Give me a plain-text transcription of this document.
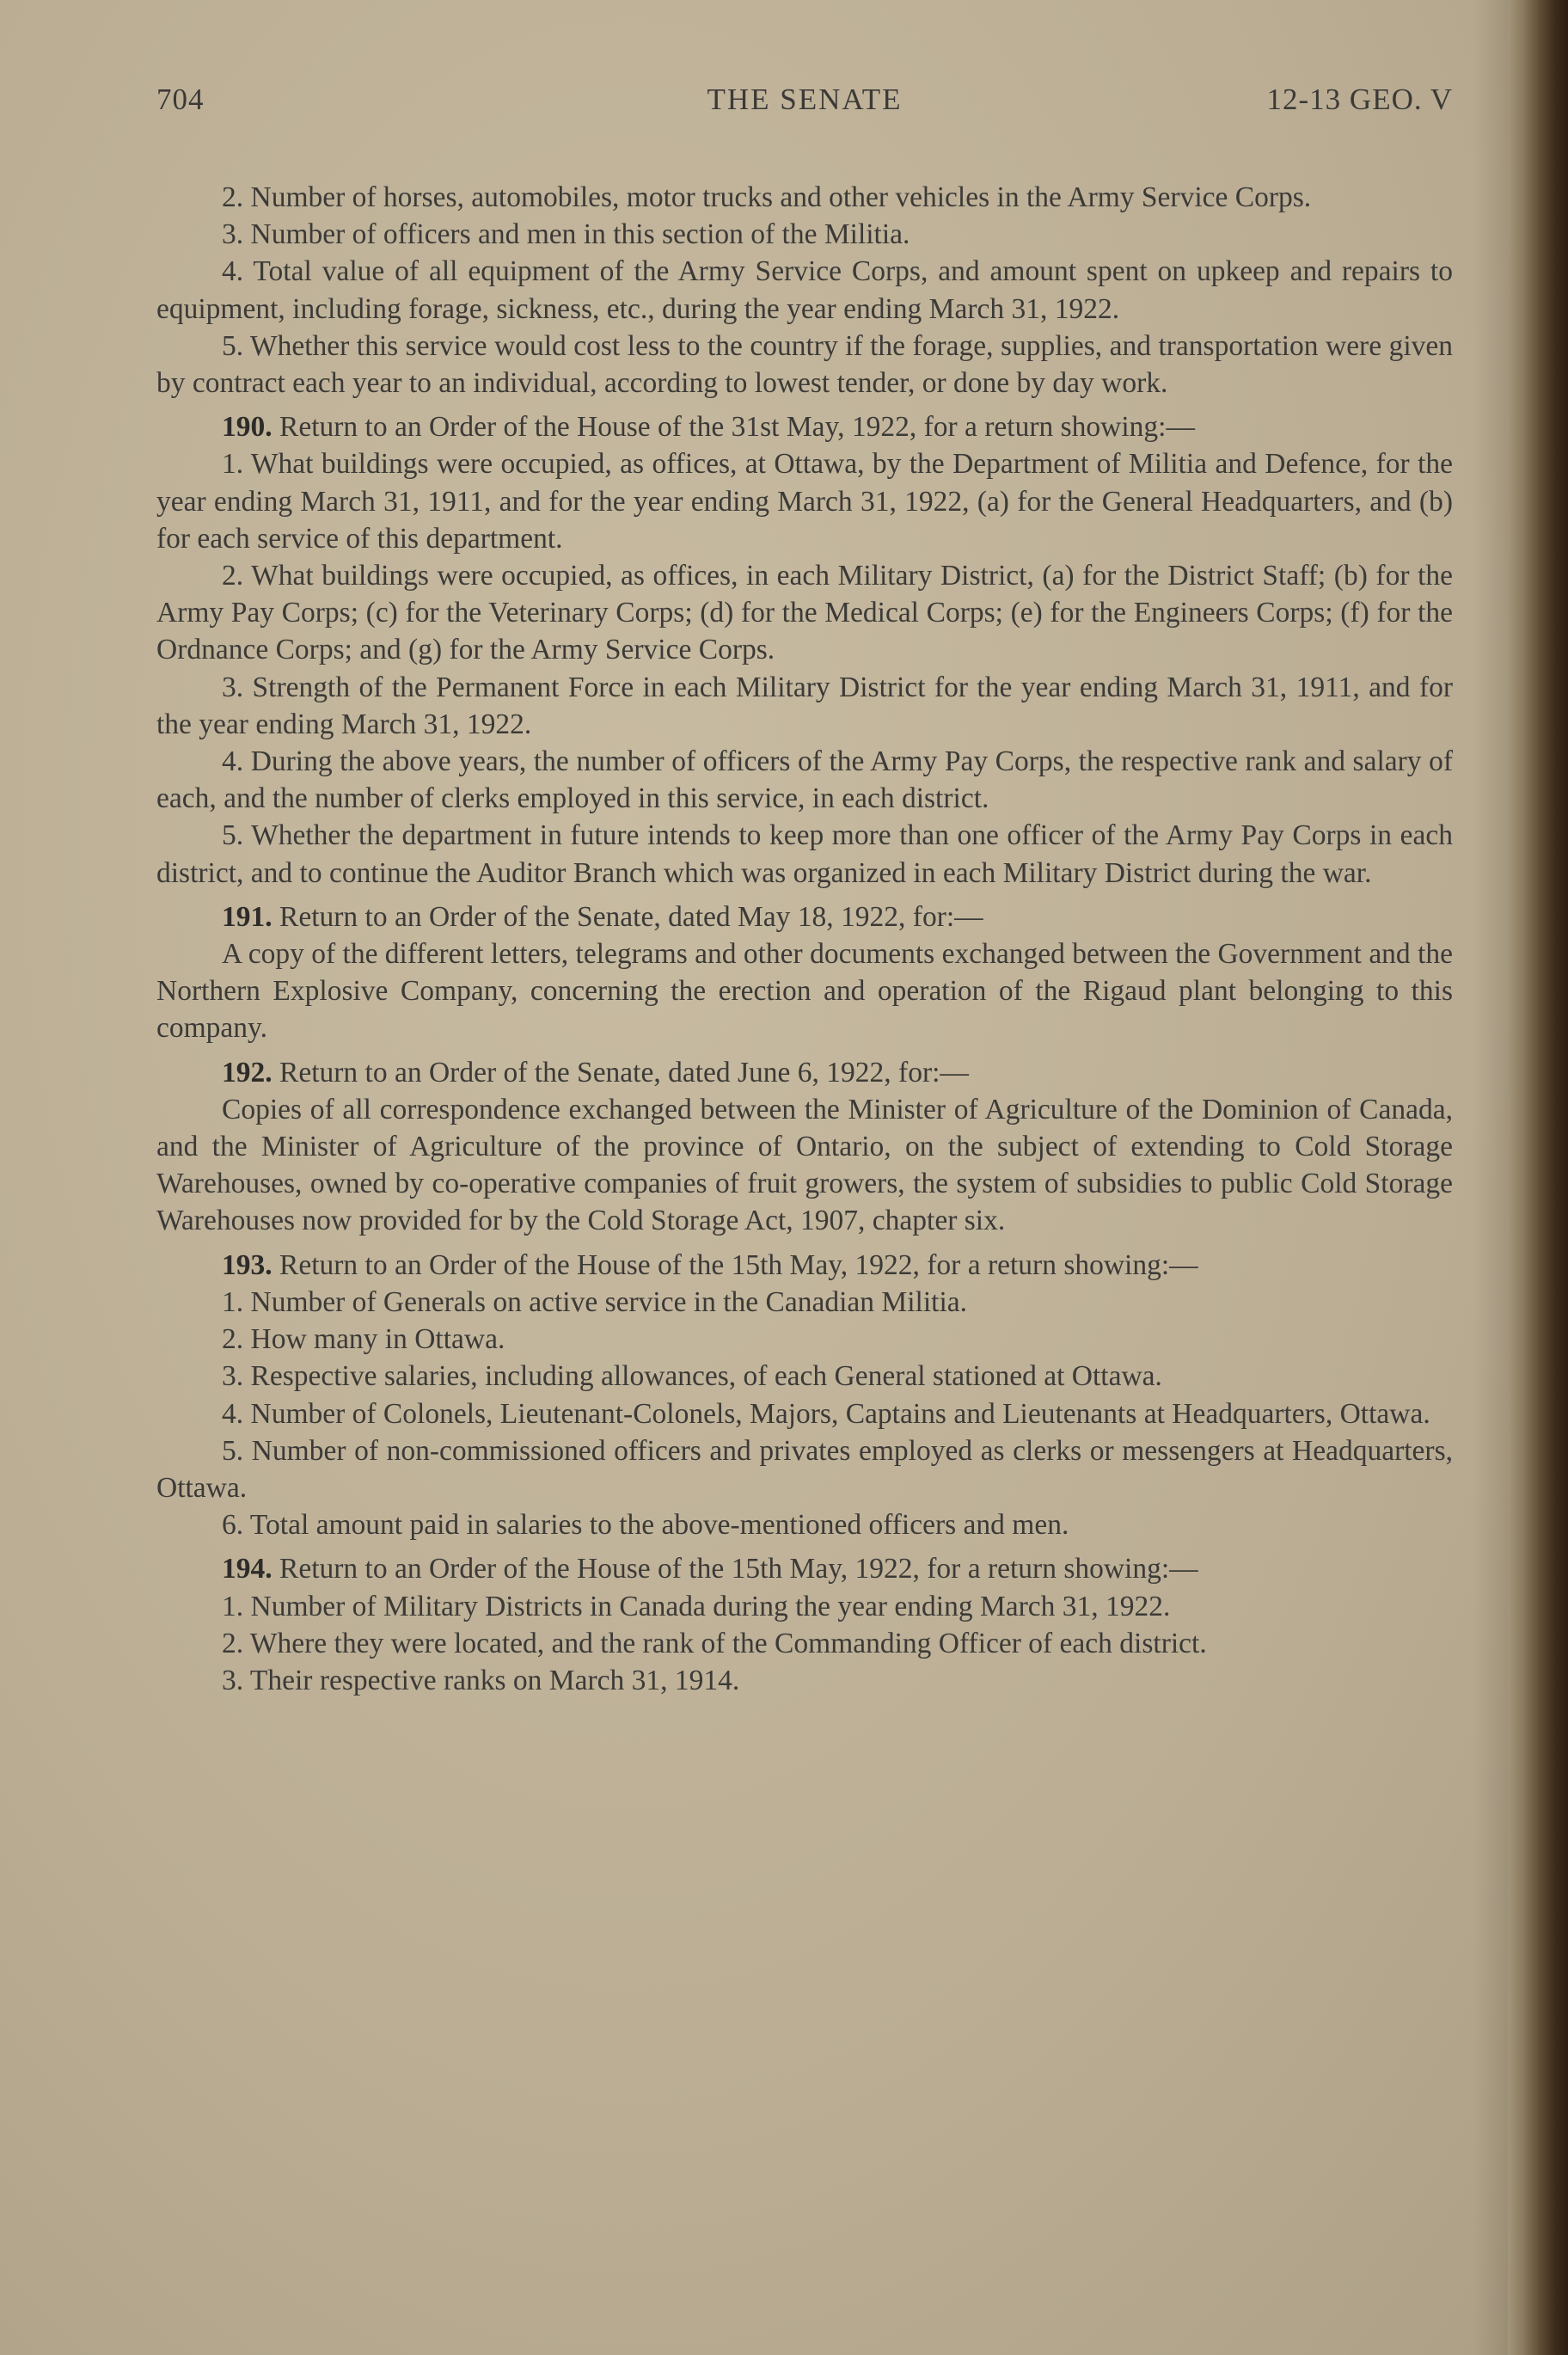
704	THE SENATE	12-13 GEO. V

2. Number of horses, automobiles, motor trucks and other vehicles in the Army Service Corps.

3. Number of officers and men in this section of the Militia.

4. Total value of all equipment of the Army Service Corps, and amount spent on upkeep and repairs to equipment, including forage, sickness, etc., during the year ending March 31, 1922.

5. Whether this service would cost less to the country if the forage, supplies, and transportation were given by contract each year to an individual, according to lowest tender, or done by day work.

190. Return to an Order of the House of the 31st May, 1922, for a return showing:—

1. What buildings were occupied, as offices, at Ottawa, by the Department of Militia and Defence, for the year ending March 31, 1911, and for the year ending March 31, 1922, (a) for the General Headquarters, and (b) for each service of this department.

2. What buildings were occupied, as offices, in each Military District, (a) for the District Staff; (b) for the Army Pay Corps; (c) for the Veterinary Corps; (d) for the Medical Corps; (e) for the Engineers Corps; (f) for the Ordnance Corps; and (g) for the Army Service Corps.

3. Strength of the Permanent Force in each Military District for the year ending March 31, 1911, and for the year ending March 31, 1922.

4. During the above years, the number of officers of the Army Pay Corps, the respective rank and salary of each, and the number of clerks employed in this service, in each district.

5. Whether the department in future intends to keep more than one officer of the Army Pay Corps in each district, and to continue the Auditor Branch which was organized in each Military District during the war.

191. Return to an Order of the Senate, dated May 18, 1922, for:—

A copy of the different letters, telegrams and other documents exchanged between the Government and the Northern Explosive Company, concerning the erection and operation of the Rigaud plant belonging to this company.

192. Return to an Order of the Senate, dated June 6, 1922, for:—

Copies of all correspondence exchanged between the Minister of Agriculture of the Dominion of Canada, and the Minister of Agriculture of the province of Ontario, on the subject of extending to Cold Storage Warehouses, owned by co-operative companies of fruit growers, the system of subsidies to public Cold Storage Warehouses now provided for by the Cold Storage Act, 1907, chapter six.

193. Return to an Order of the House of the 15th May, 1922, for a return showing:—

1. Number of Generals on active service in the Canadian Militia.

2. How many in Ottawa.

3. Respective salaries, including allowances, of each General stationed at Ottawa.

4. Number of Colonels, Lieutenant-Colonels, Majors, Captains and Lieutenants at Headquarters, Ottawa.

5. Number of non-commissioned officers and privates employed as clerks or messengers at Headquarters, Ottawa.

6. Total amount paid in salaries to the above-mentioned officers and men.

194. Return to an Order of the House of the 15th May, 1922, for a return showing:—

1. Number of Military Districts in Canada during the year ending March 31, 1922.

2. Where they were located, and the rank of the Commanding Officer of each district.

3. Their respective ranks on March 31, 1914.
